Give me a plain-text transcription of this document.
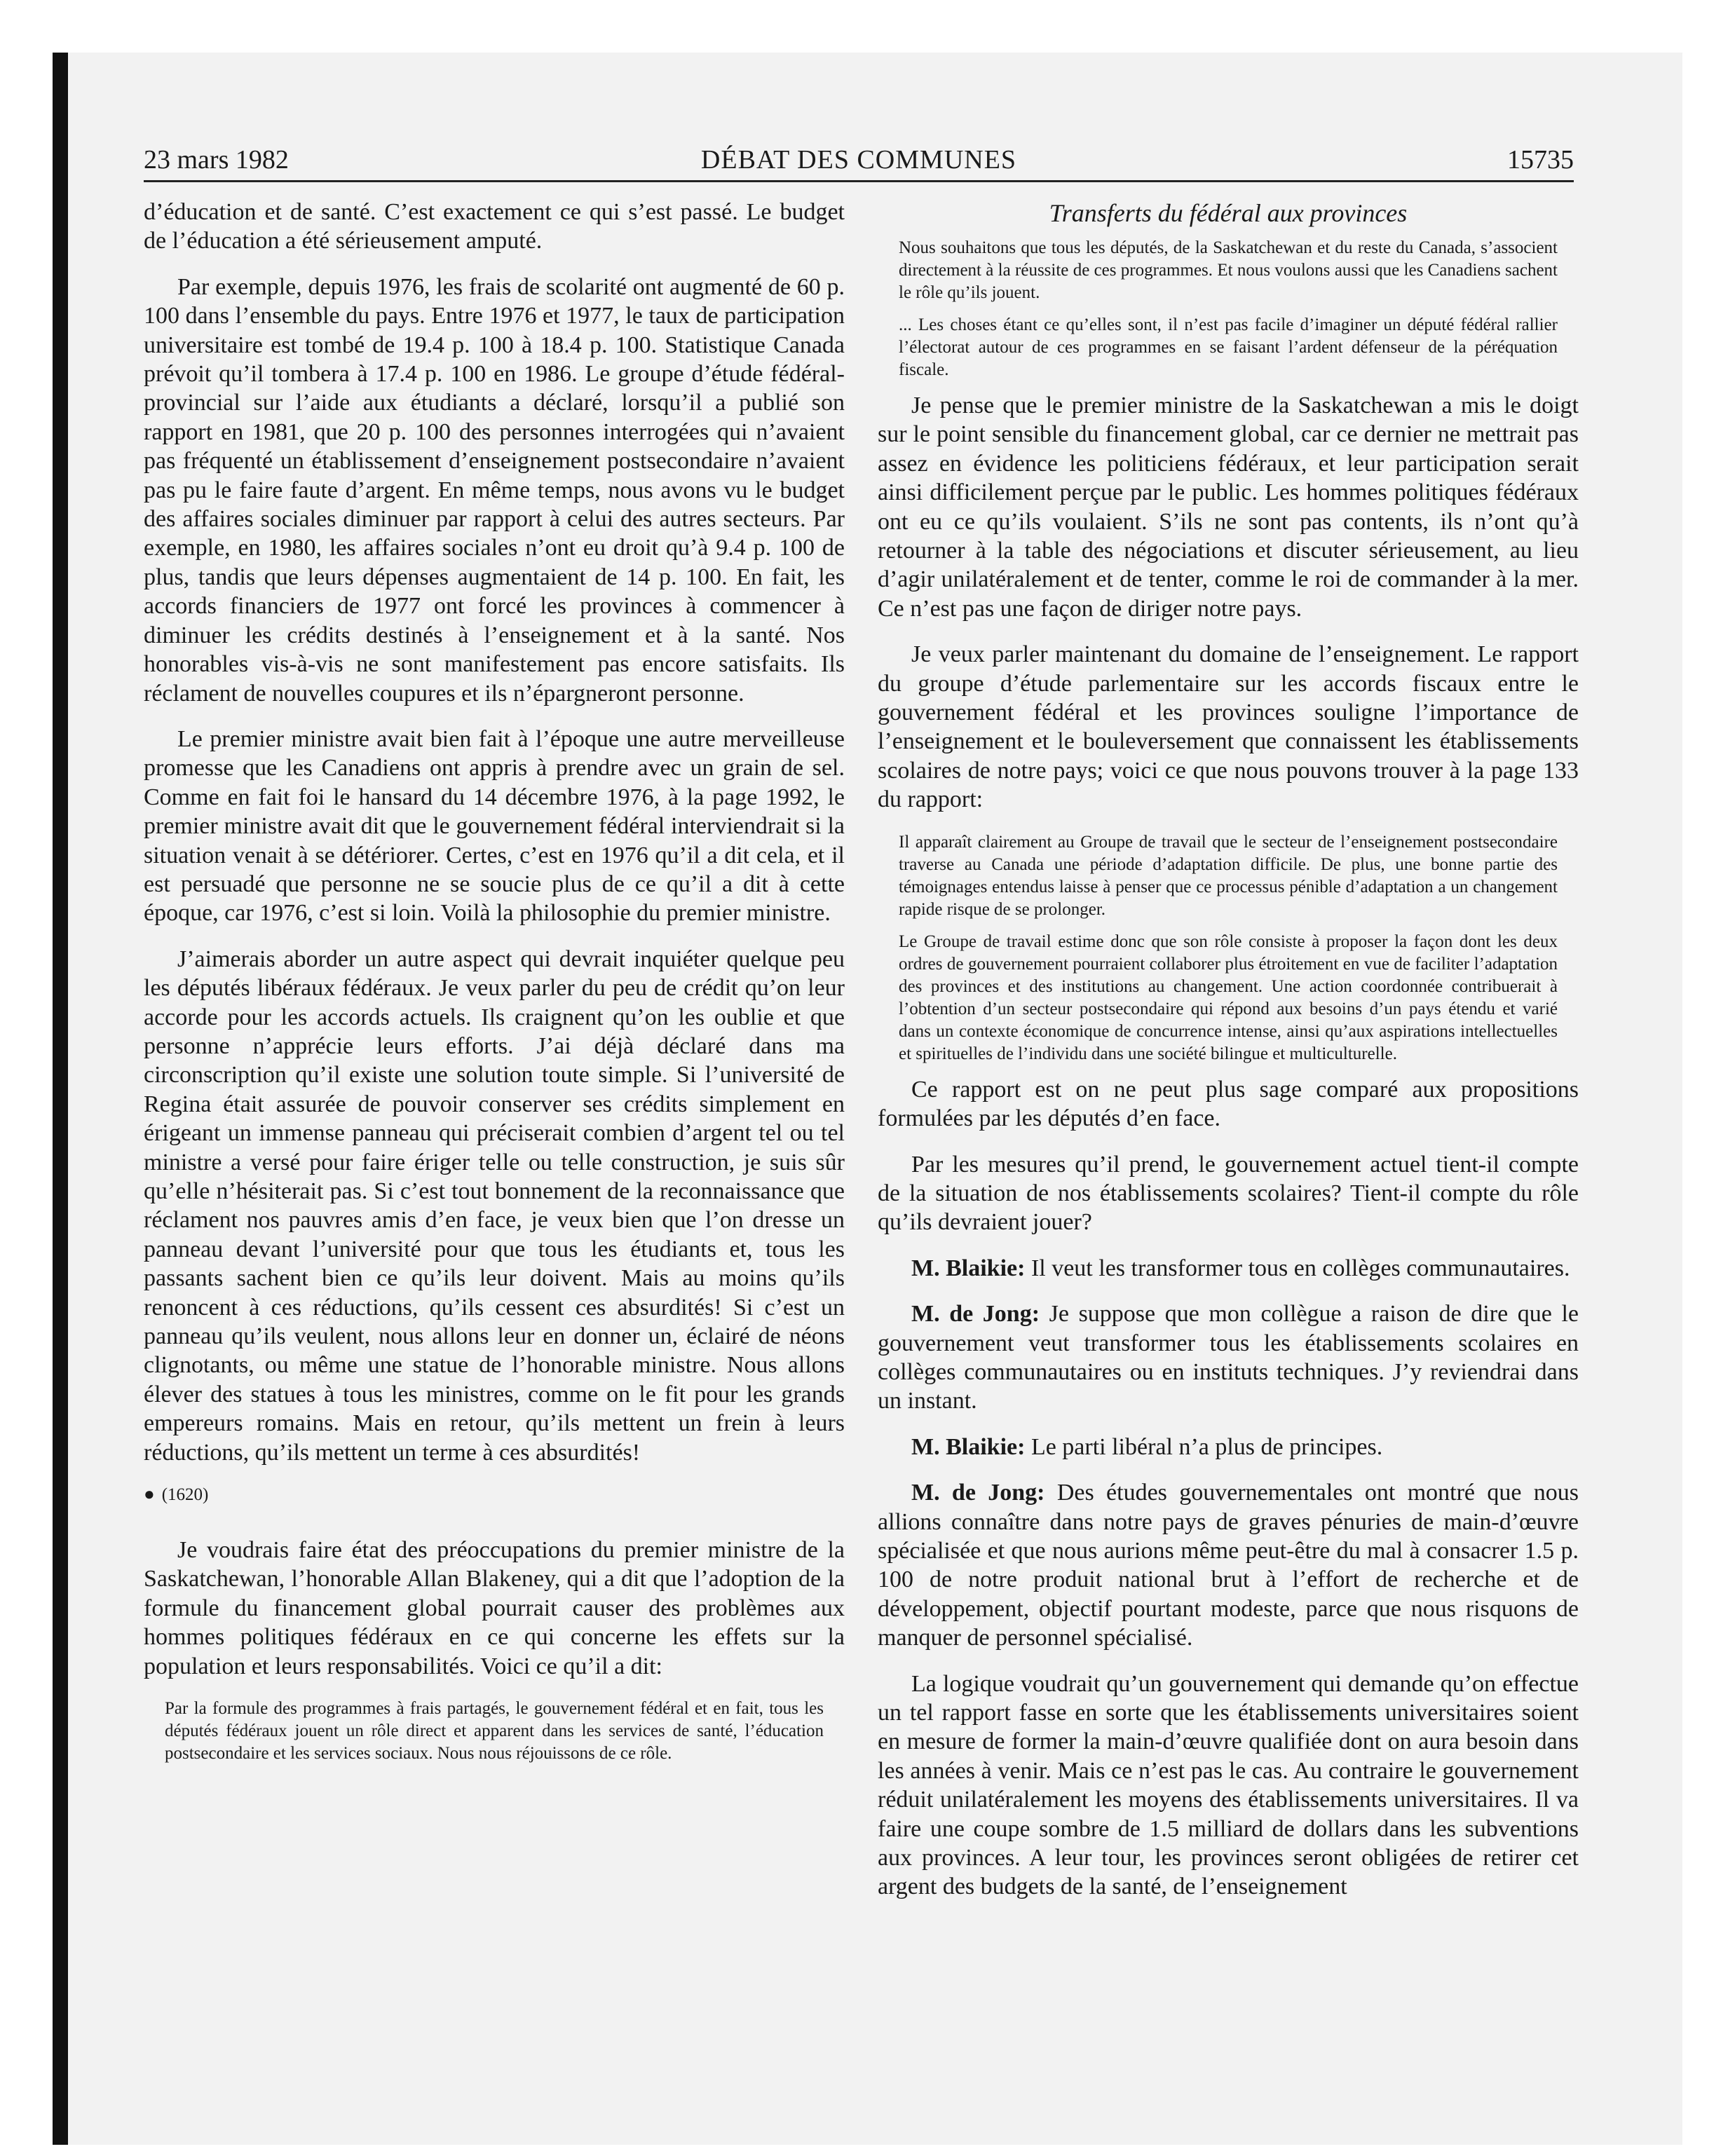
23 mars 1982	DÉBAT DES COMMUNES	15735

d’éducation et de santé. C’est exactement ce qui s’est passé. Le budget de l’éducation a été sérieusement amputé.

Par exemple, depuis 1976, les frais de scolarité ont augmenté de 60 p. 100 dans l’ensemble du pays. Entre 1976 et 1977, le taux de participation universitaire est tombé de 19.4 p. 100 à 18.4 p. 100. Statistique Canada prévoit qu’il tombera à 17.4 p. 100 en 1986. Le groupe d’étude fédéral-provincial sur l’aide aux étudiants a déclaré, lorsqu’il a publié son rapport en 1981, que 20 p. 100 des personnes interrogées qui n’avaient pas fréquenté un établissement d’enseignement postsecondaire n’avaient pas pu le faire faute d’argent. En même temps, nous avons vu le budget des affaires sociales diminuer par rapport à celui des autres secteurs. Par exemple, en 1980, les affaires sociales n’ont eu droit qu’à 9.4 p. 100 de plus, tandis que leurs dépenses augmentaient de 14 p. 100. En fait, les accords financiers de 1977 ont forcé les provinces à commencer à diminuer les crédits destinés à l’enseignement et à la santé. Nos honorables vis-à-vis ne sont manifestement pas encore satisfaits. Ils réclament de nouvelles coupures et ils n’épargneront personne.

Le premier ministre avait bien fait à l’époque une autre merveilleuse promesse que les Canadiens ont appris à prendre avec un grain de sel. Comme en fait foi le hansard du 14 décembre 1976, à la page 1992, le premier ministre avait dit que le gouvernement fédéral interviendrait si la situation venait à se détériorer. Certes, c’est en 1976 qu’il a dit cela, et il est persuadé que personne ne se soucie plus de ce qu’il a dit à cette époque, car 1976, c’est si loin. Voilà la philosophie du premier ministre.

J’aimerais aborder un autre aspect qui devrait inquiéter quelque peu les députés libéraux fédéraux. Je veux parler du peu de crédit qu’on leur accorde pour les accords actuels. Ils craignent qu’on les oublie et que personne n’apprécie leurs efforts. J’ai déjà déclaré dans ma circonscription qu’il existe une solution toute simple. Si l’université de Regina était assurée de pouvoir conserver ses crédits simplement en érigeant un immense panneau qui préciserait combien d’argent tel ou tel ministre a versé pour faire ériger telle ou telle construction, je suis sûr qu’elle n’hésiterait pas. Si c’est tout bonnement de la reconnaissance que réclament nos pauvres amis d’en face, je veux bien que l’on dresse un panneau devant l’université pour que tous les étudiants et, tous les passants sachent bien ce qu’ils leur doivent. Mais au moins qu’ils renoncent à ces réductions, qu’ils cessent ces absurdités! Si c’est un panneau qu’ils veulent, nous allons leur en donner un, éclairé de néons clignotants, ou même une statue de l’honorable ministre. Nous allons élever des statues à tous les ministres, comme on le fit pour les grands empereurs romains. Mais en retour, qu’ils mettent un frein à leurs réductions, qu’ils mettent un terme à ces absurdités!

● (1620)

Je voudrais faire état des préoccupations du premier ministre de la Saskatchewan, l’honorable Allan Blakeney, qui a dit que l’adoption de la formule du financement global pourrait causer des problèmes aux hommes politiques fédéraux en ce qui concerne les effets sur la population et leurs responsabilités. Voici ce qu’il a dit:

Par la formule des programmes à frais partagés, le gouvernement fédéral et en fait, tous les députés fédéraux jouent un rôle direct et apparent dans les services de santé, l’éducation postsecondaire et les services sociaux. Nous nous réjouissons de ce rôle.

Transferts du fédéral aux provinces

Nous souhaitons que tous les députés, de la Saskatchewan et du reste du Canada, s’associent directement à la réussite de ces programmes. Et nous voulons aussi que les Canadiens sachent le rôle qu’ils jouent.

... Les choses étant ce qu’elles sont, il n’est pas facile d’imaginer un député fédéral rallier l’électorat autour de ces programmes en se faisant l’ardent défenseur de la péréquation fiscale.

Je pense que le premier ministre de la Saskatchewan a mis le doigt sur le point sensible du financement global, car ce dernier ne mettrait pas assez en évidence les politiciens fédéraux, et leur participation serait ainsi difficilement perçue par le public. Les hommes politiques fédéraux ont eu ce qu’ils voulaient. S’ils ne sont pas contents, ils n’ont qu’à retourner à la table des négociations et discuter sérieusement, au lieu d’agir unilatéralement et de tenter, comme le roi de commander à la mer. Ce n’est pas une façon de diriger notre pays.

Je veux parler maintenant du domaine de l’enseignement. Le rapport du groupe d’étude parlementaire sur les accords fiscaux entre le gouvernement fédéral et les provinces souligne l’importance de l’enseignement et le bouleversement que connaissent les établissements scolaires de notre pays; voici ce que nous pouvons trouver à la page 133 du rapport:

Il apparaît clairement au Groupe de travail que le secteur de l’enseignement postsecondaire traverse au Canada une période d’adaptation difficile. De plus, une bonne partie des témoignages entendus laisse à penser que ce processus pénible d’adaptation a un changement rapide risque de se prolonger.

Le Groupe de travail estime donc que son rôle consiste à proposer la façon dont les deux ordres de gouvernement pourraient collaborer plus étroitement en vue de faciliter l’adaptation des provinces et des institutions au changement. Une action coordonnée contribuerait à l’obtention d’un secteur postsecondaire qui répond aux besoins d’un pays étendu et varié dans un contexte économique de concurrence intense, ainsi qu’aux aspirations intellectuelles et spirituelles de l’individu dans une société bilingue et multiculturelle.

Ce rapport est on ne peut plus sage comparé aux propositions formulées par les députés d’en face.

Par les mesures qu’il prend, le gouvernement actuel tient-il compte de la situation de nos établissements scolaires? Tient-il compte du rôle qu’ils devraient jouer?

M. Blaikie: Il veut les transformer tous en collèges communautaires.

M. de Jong: Je suppose que mon collègue a raison de dire que le gouvernement veut transformer tous les établissements scolaires en collèges communautaires ou en instituts techniques. J’y reviendrai dans un instant.

M. Blaikie: Le parti libéral n’a plus de principes.

M. de Jong: Des études gouvernementales ont montré que nous allions connaître dans notre pays de graves pénuries de main-d’œuvre spécialisée et que nous aurions même peut-être du mal à consacrer 1.5 p. 100 de notre produit national brut à l’effort de recherche et de développement, objectif pourtant modeste, parce que nous risquons de manquer de personnel spécialisé.

La logique voudrait qu’un gouvernement qui demande qu’on effectue un tel rapport fasse en sorte que les établissements universitaires soient en mesure de former la main-d’œuvre qualifiée dont on aura besoin dans les années à venir. Mais ce n’est pas le cas. Au contraire le gouvernement réduit unilatéralement les moyens des établissements universitaires. Il va faire une coupe sombre de 1.5 milliard de dollars dans les subventions aux provinces. A leur tour, les provinces seront obligées de retirer cet argent des budgets de la santé, de l’enseignement
